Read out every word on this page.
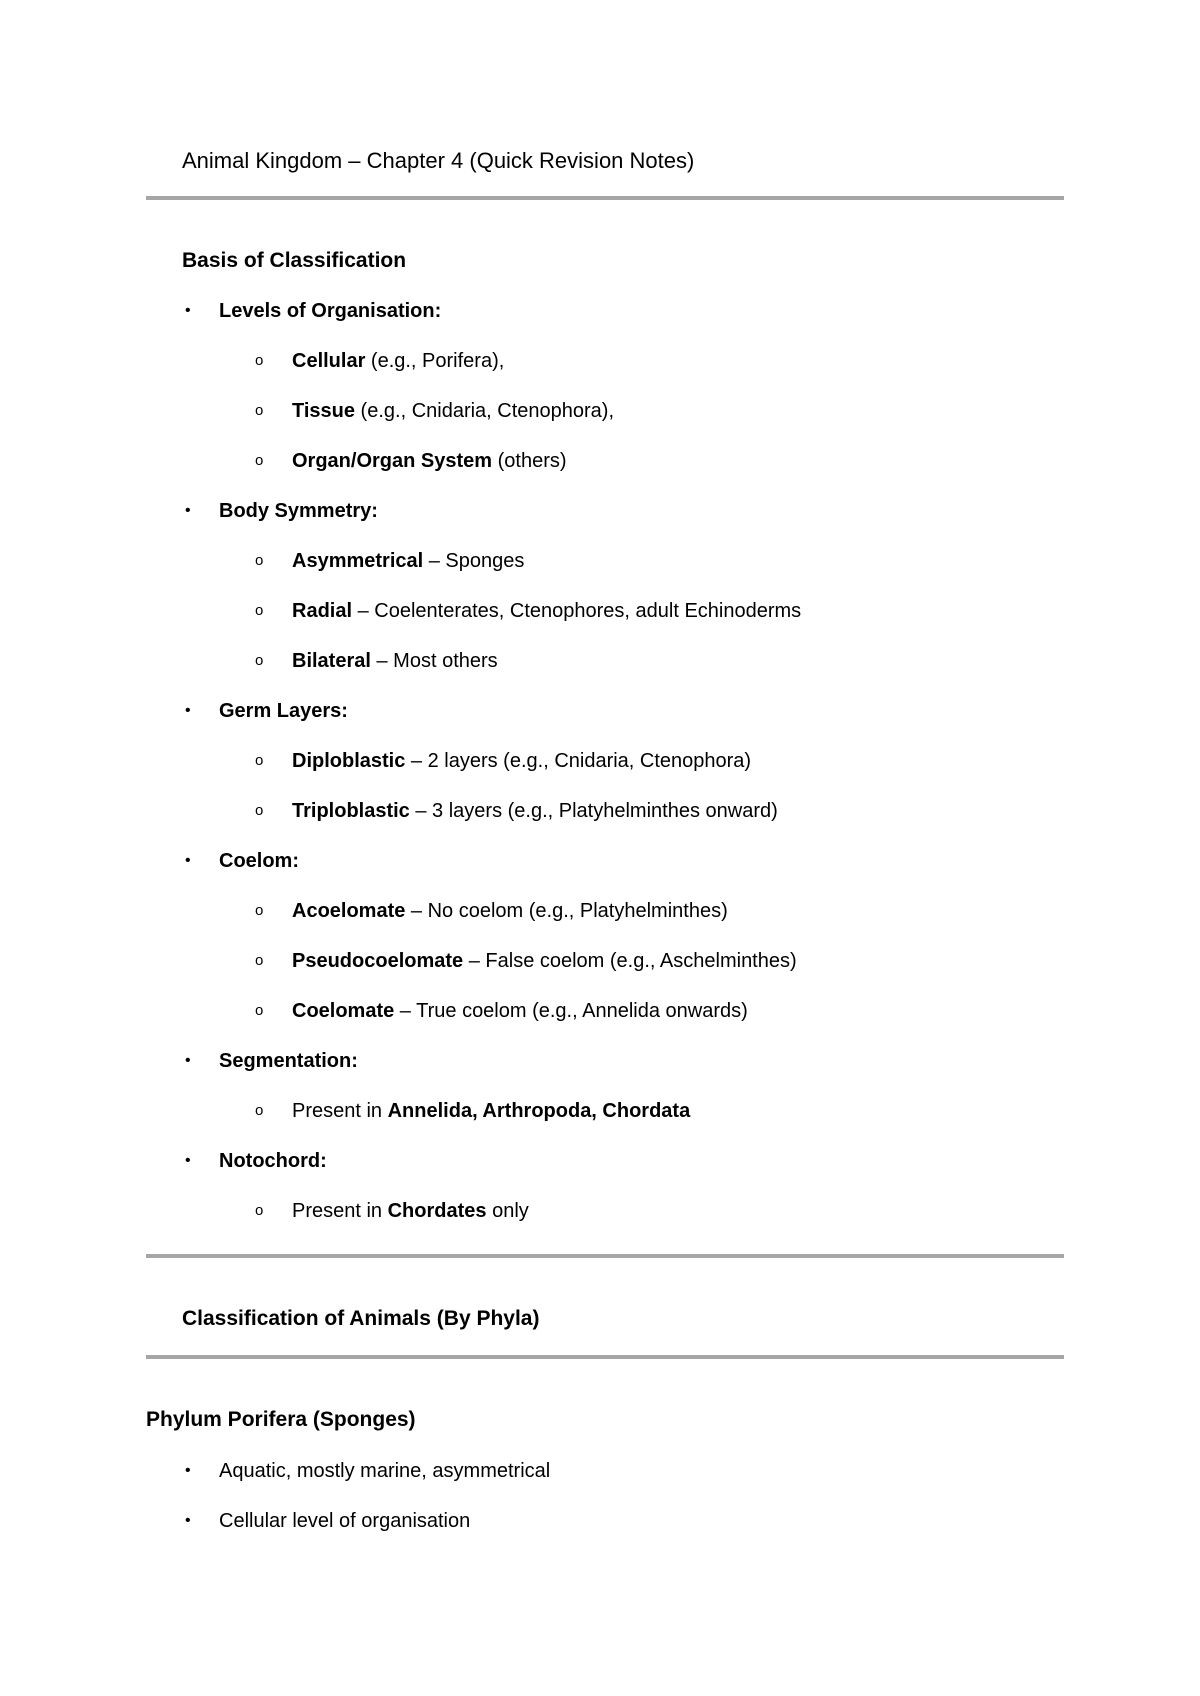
Animal Kingdom – Chapter 4 (Quick Revision Notes)
Basis of Classification
•	Levels of Organisation:
o Cellular (e.g., Porifera),
o Tissue (e.g., Cnidaria, Ctenophora),
o Organ/Organ System (others)
•	Body Symmetry:
o Asymmetrical – Sponges
o Radial – Coelenterates, Ctenophores, adult Echinoderms
o Bilateral – Most others
•	Germ Layers:
o Diploblastic – 2 layers (e.g., Cnidaria, Ctenophora)
o Triploblastic – 3 layers (e.g., Platyhelminthes onward)
•	Coelom:
o Acoelomate – No coelom (e.g., Platyhelminthes)
o Pseudocoelomate – False coelom (e.g., Aschelminthes)
o Coelomate – True coelom (e.g., Annelida onwards)
•	Segmentation:
o Present in Annelida, Arthropoda, Chordata
•	Notochord:
o Present in Chordates only
Classification of Animals (By Phyla)
Phylum Porifera (Sponges)
•	Aquatic, mostly marine, asymmetrical
•	Cellular level of organisation
